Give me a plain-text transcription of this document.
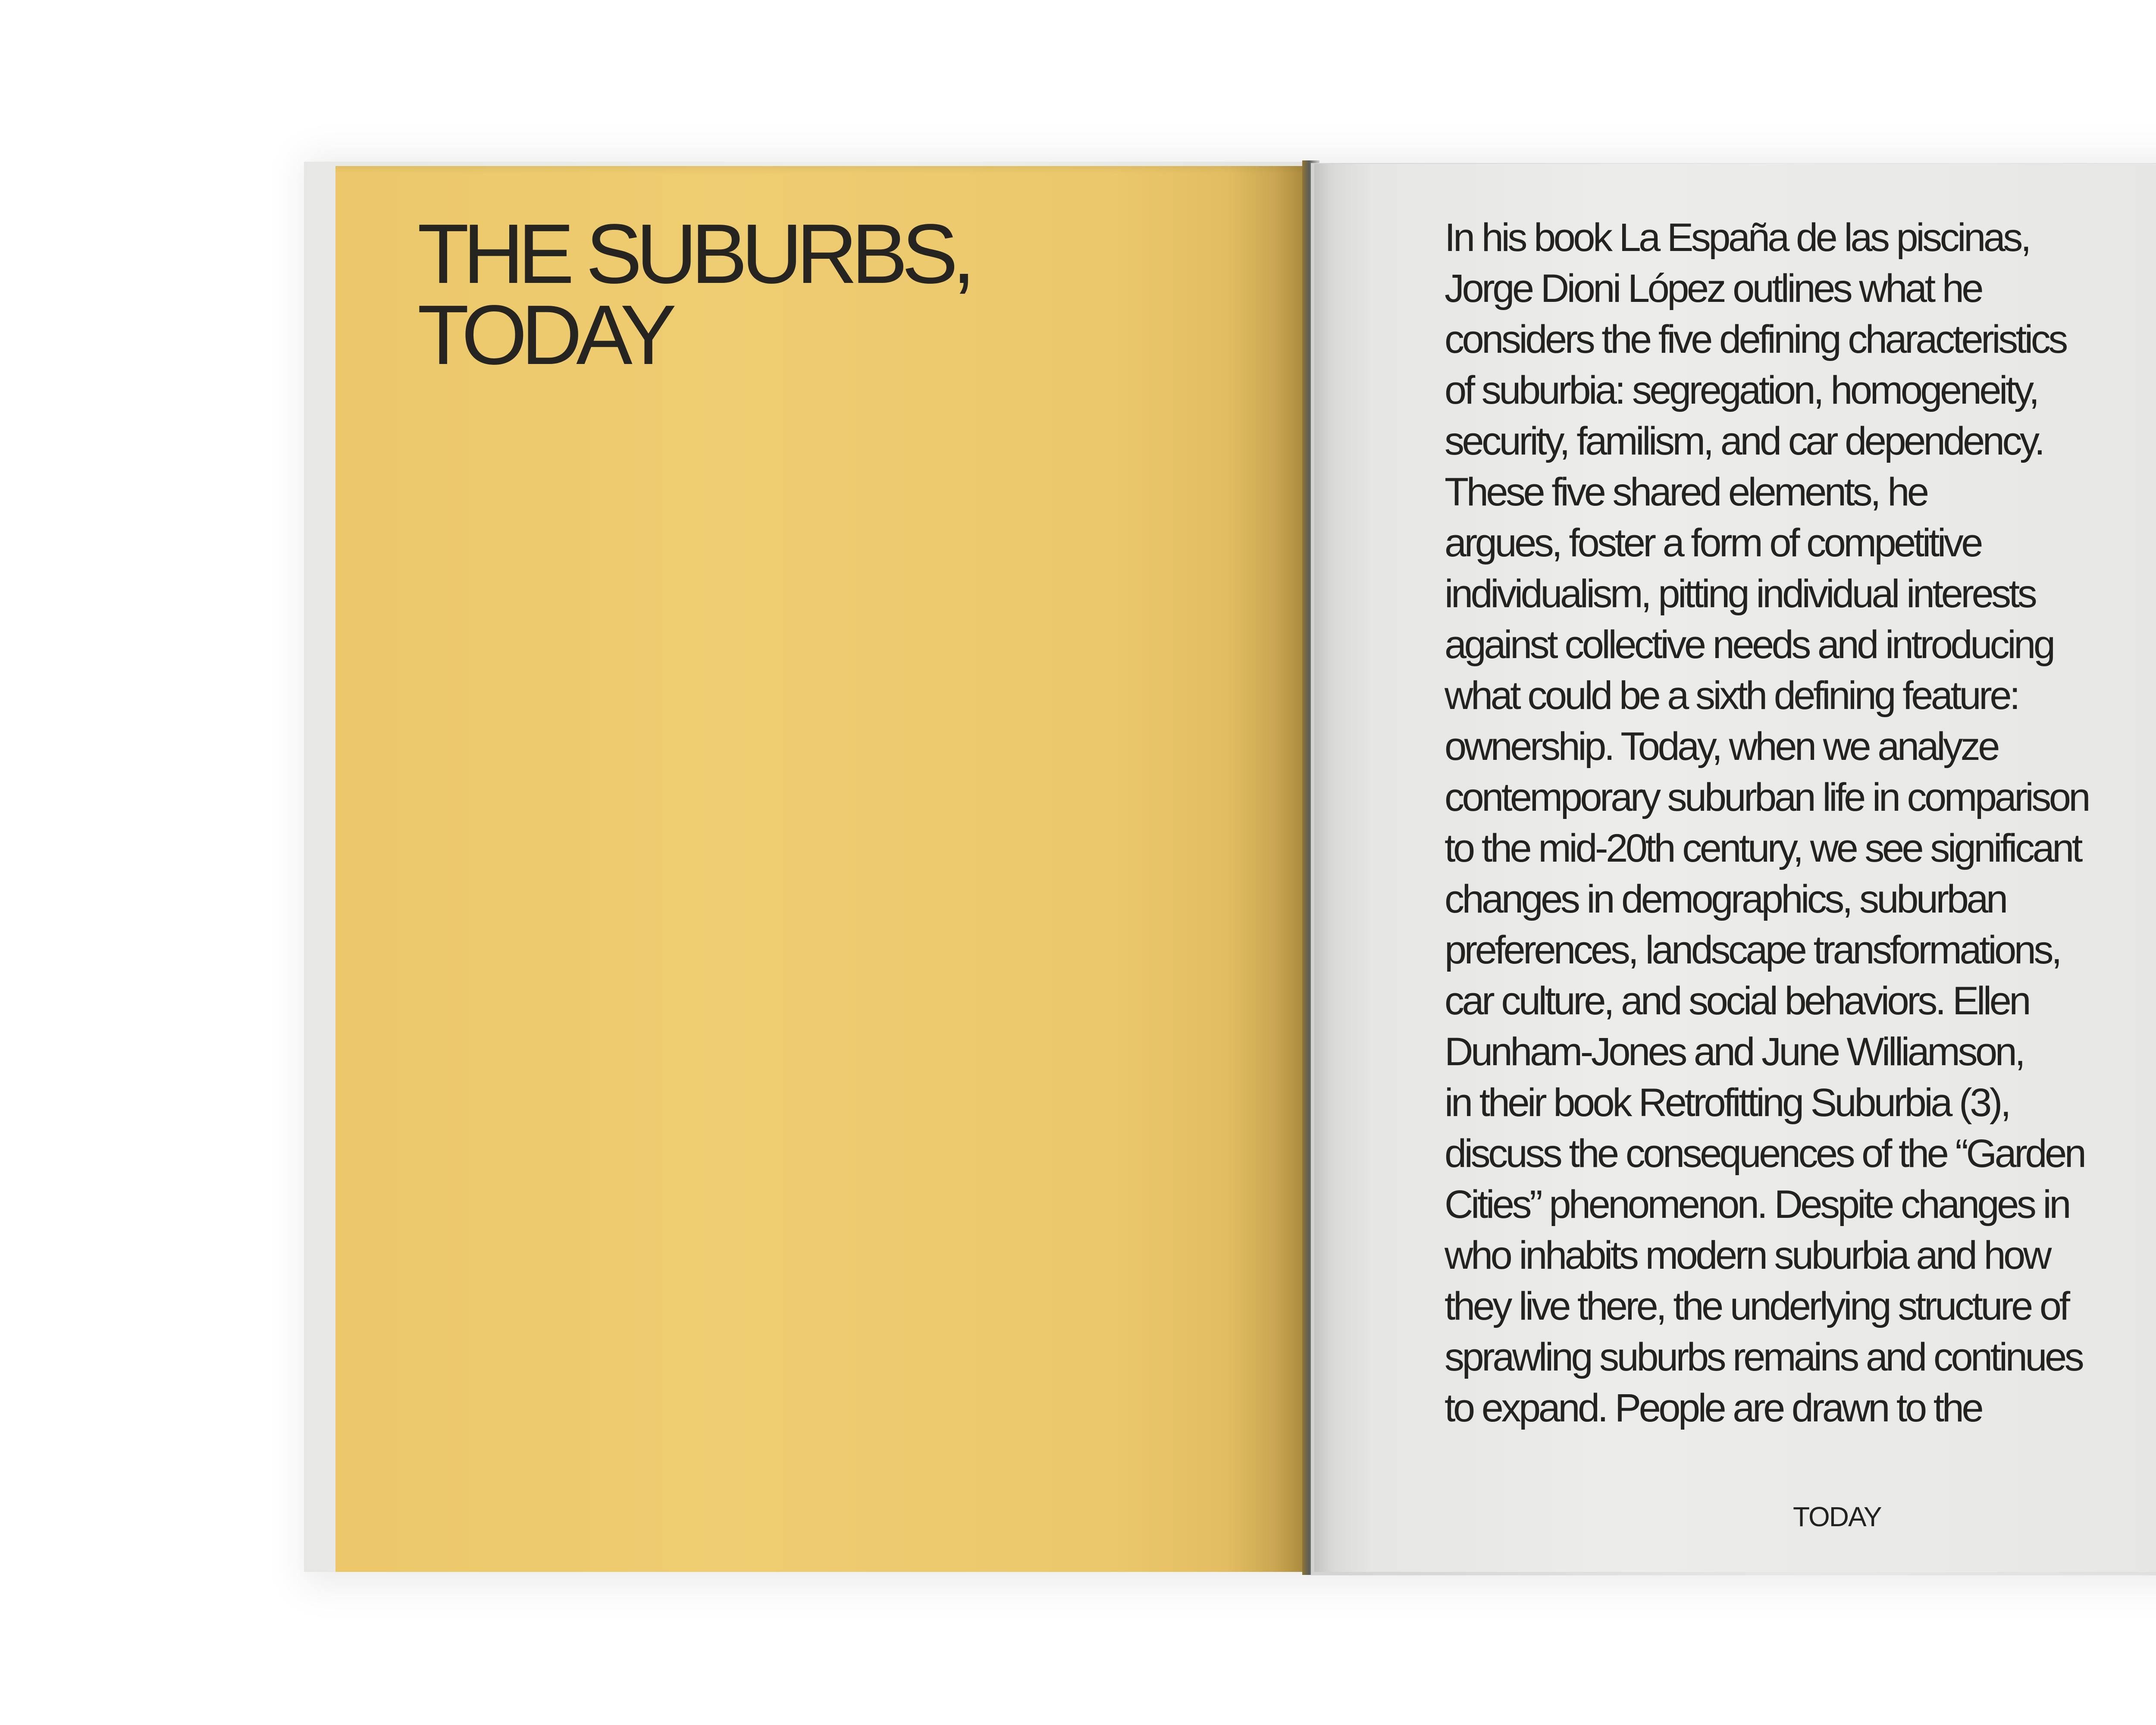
THE SUBURBS,
TODAY

In his book La España de las piscinas,
Jorge Dioni López outlines what he
considers the five defining characteristics
of suburbia: segregation, homogeneity,
security, familism, and car dependency.
These five shared elements, he
argues, foster a form of competitive
individualism, pitting individual interests
against collective needs and introducing
what could be a sixth defining feature:
ownership. Today, when we analyze
contemporary suburban life in comparison
to the mid-20th century, we see significant
changes in demographics, suburban
preferences, landscape transformations,
car culture, and social behaviors. Ellen
Dunham-Jones and June Williamson,
in their book Retrofitting Suburbia (3),
discuss the consequences of the “Garden
Cities” phenomenon. Despite changes in
who inhabits modern suburbia and how
they live there, the underlying structure of
sprawling suburbs remains and continues
to expand. People are drawn to the

TODAY
